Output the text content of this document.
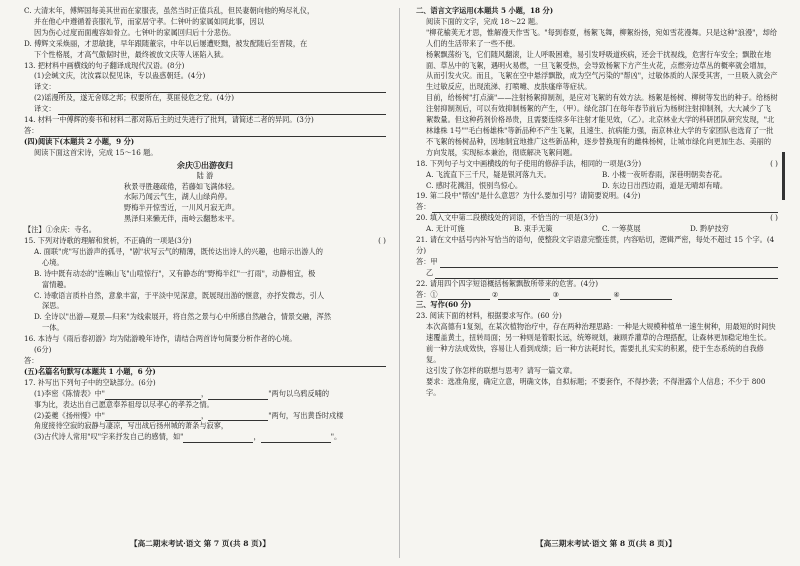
C. 大清末年，傅辉国每美其世而在家服丧，虽然当时正值兵乱，但民妻朝向他的殉尽礼仪，

并在他心中遵循着丧服礼节，而家居守孝。仁钟叶的家属如同此事，因以

因为伤心过度而面瘦容如骨立。七钟叶的家属回归后十分悲伤。

D. 傅辉文采焕丽，才思敏捷，早年跟随董宗，中年以后屡遭贬黜，被发配随后至晋陵，在

下个性格展，才高气傲倨时世，最终被放文庆等人诬陷入狱。

13. 把材料中画横线的句子翻译成现代汉语。(8分)

(1)会缄文庆，沈汝霖以倪见诛，专以蛊惑朝廷。(4分)

译文：

(2)谣漫所及，遂无舍郧之邦；权要所在，莫匪侵危之党。(4分)

译文：

14. 材料一中傅辉的奏书和材料二都对陈后主的过失进行了批判，请简述二者的异同。(3分)

答：

(四)阅读下(本题共 2 小题，9 分)

阅读下面这首宋诗，完成 15～16 题。

余庆①出游夜归

陆 游

秋景寻胜趣疏倦，若藤如飞满体轻。

水际乃闻云气生，湖人山绿尚停。

野梅半开惊雪近，一川风月寂无声。

黑泽归来懒无伴，南岭云翻愁未平。

【注】①余庆：寺名。

15. 下列对诗歌的理解和赏析，不正确的一项是(3分)	( )

A. 面联"虎"写出游声的孤寻，"剧"状写云气的精薄，既传达出诗人的兴趣，也暗示出游人的

心境。

B. 诗中既有动态的"连嘛山飞"山喧惊行"，又有静态的"野梅半红"一打雨"，动静相宜，极

富情趣。

C. 诗歌语言质朴自然，意象丰富，于平淡中见深意，既展现出游的惬意，亦抒发微志，引人

深思。

D. 全诗以"出游—观景—归来"为线索展开，将自然之景与心中所感自然融合，情景交融，浑然

一体。

16. 本诗与《雨后春初游》均为陆游晚年诗作，请结合两首诗句简要分析作者的心境。

(6分)

答：

(五)名篇名句默写(本题共 1 小题，6 分)

17. 补写出下列句子中的空缺部分。(6分)

(1)李密《陈情表》中"	，	"两句以乌鸦反哺的

事为比，表达出自己愿意奉养祖母以尽孝心的孝养之情。

(2)姜夔《扬州慢》中"	，	"两句，写出黄昏时戍楼

角度接待空寂的寂静与凄凉，写出战后扬州城的萧条与寂寥，

(3)古代诗人常用"叹"字来抒发自己的感情，如"	，	"。

【高二期末考试·语文 第 7 页(共 8 页)】

二、语言文字运用(本题共 5 小题，18 分)

阅读下面的文字，完成 18～22 题。

"柳花榆荚无才思，惟解漫天作雪飞。"每到春夏，杨絮飞舞，柳絮纷扬，宛如雪花漫舞。只是这种"浪漫"，却给人们的生活带来了一些不便。

杨絮飘荡纷飞，它们随风翻滚，让人呼吸困难，易引发呼吸道疾病，还会干扰视线，危害行车安全；飘散在地面、草丛中的飞絮，遇明火易燃，一旦飞絮受热，会导致杨絮下方产生火花，点燃旁边草丛的概率就会增加，从而引发火灾。而且，飞絮在空中悬浮飘散，成为空气污染的"帮凶"，过敏体质的人深受其害，一旦吸入就会产生过敏反应，出现流涕、打喷嚏、皮肤瘙痒等症状。

目前，给杨树"打点滴"——注射杨絮抑制剂，是应对飞絮的有效方法。杨絮是杨树、柳树等发出的种子。给杨树注射抑制剂后，可以有效抑制杨絮的产生，（甲）。绿化部门在每年春节前后为杨树注射抑制剂，大大减少了飞絮数量。但这种药剂价格昂贵，且需要连续多年注射才能见效，（乙）。北京林业大学的科研团队研究发现，"北林雄株 1号""毛白杨雄株"等新品种不产生飞絮，且速生、抗病能力强，南京林业大学的专家团队也选育了一批不飞絮的杨树品种，因地制宜地推广这些新品种，逐步替换现有的雌株杨树，让城市绿化向更加生态、美丽的方向发展，实现标本兼治，彻底解决飞絮问题。

18. 下列句子与文中画横线的句子使用的修辞手法，相同的一项是(3分)	( )

A. 飞流直下三千尺，疑是银河落九天。	B. 小楼一夜听春雨，深巷明朝卖杏花。
C. 感时花溅泪，恨别鸟惊心。	D. 东边日出西边雨，道是无晴却有晴。

19. 第二段中"帮凶"是什么意思？为什么要加引号？请简要说明。(4分)

答：

20. 填入文中第二段横线处的词语，不恰当的一项是(3分)	( )

A. 无计可施	B. 束手无策	C. 一筹莫展	D. 黔驴技穷

21. 请在文中括号内补写恰当的语句，使整段文字语意完整连贯，内容贴切，逻辑严密，每处不超过 15 个字。(4分)

答：甲
乙

22. 请用四个四字短语概括杨絮飘散所带来的危害。(4分)

答：①	②	③	④

三、写作(60 分)

23. 阅读下面的材料，根据要求写作。(60 分)

本次高德有1复刻，在某次植物治疗中，存在两种治理思路：一种是大规模种植单一速生树种，用最短的时间快速覆盖黄土，扭转局面；另一种则是着眼长远，统筹规划，兼顾乔灌草的合理搭配，让森林更加稳定地生长。前一种方法成效快，容易让人看到成绩；后一种方法耗时长，需要扎扎实实的积累，使于生态系统的自我修复。

这引发了你怎样的联想与思考？请写一篇文章。

要求：选准角度，确定立意，明确文体，自拟标题；不要套作，不得抄袭；不得泄露个人信息；不少于 800 字。

【高三期末考试·语文 第 8 页(共 8 页)】
